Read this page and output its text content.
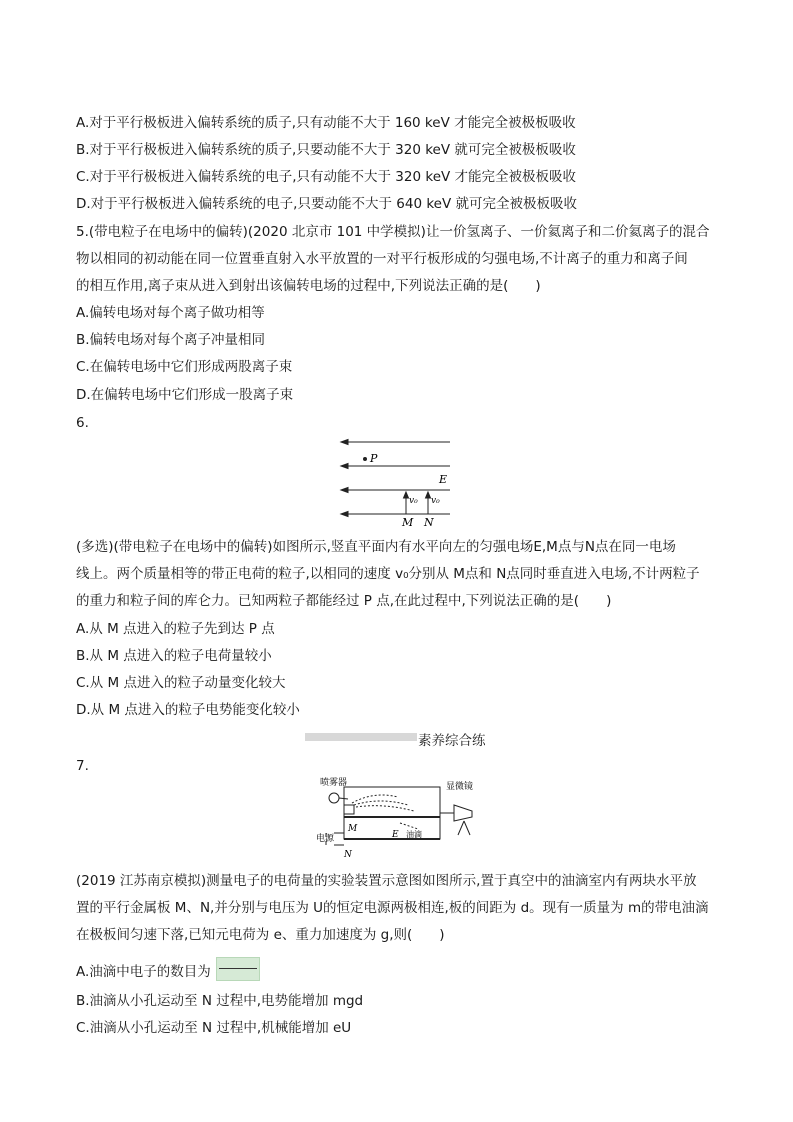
A.对于平行极板进入偏转系统的质子,只有动能不大于 160 keV 才能完全被极板吸收
B.对于平行极板进入偏转系统的质子,只要动能不大于 320 keV 就可完全被极板吸收
C.对于平行极板进入偏转系统的电子,只有动能不大于 320 keV 才能完全被极板吸收
D.对于平行极板进入偏转系统的电子,只要动能不大于 640 keV 就可完全被极板吸收
5.(带电粒子在电场中的偏转)(2020 北京市 101 中学模拟)让一价氢离子、一价氦离子和二价氦离子的混合
物以相同的初动能在同一位置垂直射入水平放置的一对平行板形成的匀强电场,不计离子的重力和离子间
的相互作用,离子束从进入到射出该偏转电场的过程中,下列说法正确的是(　　)
A.偏转电场对每个离子做功相等
B.偏转电场对每个离子冲量相同
C.在偏转电场中它们形成两股离子束
D.在偏转电场中它们形成一股离子束
6.
P
E
v₀ v₀
M N
(多选)(带电粒子在电场中的偏转)如图所示,竖直平面内有水平向左的匀强电场E,M点与N点在同一电场
线上。两个质量相等的带正电荷的粒子,以相同的速度 v₀分别从 M点和 N点同时垂直进入电场,不计两粒子
的重力和粒子间的库仑力。已知两粒子都能经过 P 点,在此过程中,下列说法正确的是(　　)
A.从 M 点进入的粒子先到达 P 点
B.从 M 点进入的粒子电荷量较小
C.从 M 点进入的粒子动量变化较大
D.从 M 点进入的粒子电势能变化较小
素养综合练
7.
喷雾器	显微镜
电源
M
N
E 油滴
(2019 江苏南京模拟)测量电子的电荷量的实验装置示意图如图所示,置于真空中的油滴室内有两块水平放
置的平行金属板 M、N,并分别与电压为 U的恒定电源两极相连,板的间距为 d。现有一质量为 m的带电油滴
在极板间匀速下落,已知元电荷为 e、重力加速度为 g,则(　　)
A.油滴中电子的数目为
B.油滴从小孔运动至 N 过程中,电势能增加 mgd
C.油滴从小孔运动至 N 过程中,机械能增加 eU
